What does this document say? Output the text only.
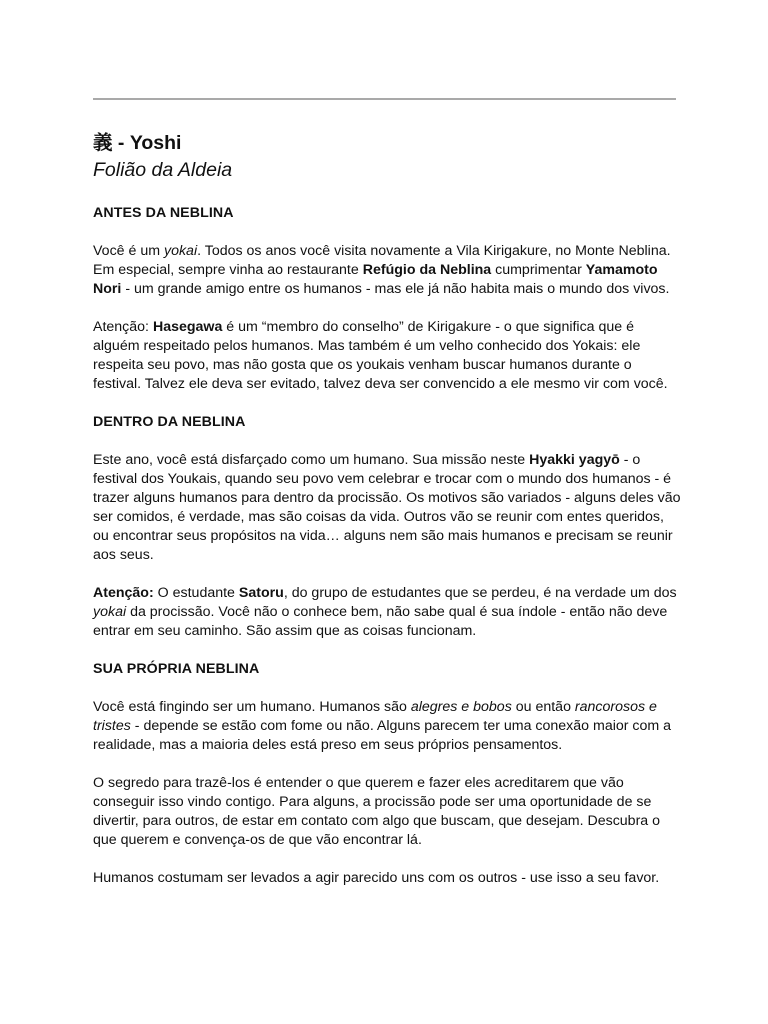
義 - Yoshi
Folião da Aldeia
ANTES DA NEBLINA

Você é um yokai. Todos os anos você visita novamente a Vila Kirigakure, no Monte Neblina. Em especial, sempre vinha ao restaurante Refúgio da Neblina cumprimentar Yamamoto Nori - um grande amigo entre os humanos - mas ele já não habita mais o mundo dos vivos.

Atenção: Hasegawa é um “membro do conselho” de Kirigakure - o que significa que é alguém respeitado pelos humanos. Mas também é um velho conhecido dos Yokais: ele respeita seu povo, mas não gosta que os youkais venham buscar humanos durante o festival. Talvez ele deva ser evitado, talvez deva ser convencido a ele mesmo vir com você.

DENTRO DA NEBLINA

Este ano, você está disfarçado como um humano. Sua missão neste Hyakki yagyō - o festival dos Youkais, quando seu povo vem celebrar e trocar com o mundo dos humanos - é trazer alguns humanos para dentro da procissão. Os motivos são variados - alguns deles vão ser comidos, é verdade, mas são coisas da vida. Outros vão se reunir com entes queridos, ou encontrar seus propósitos na vida… alguns nem são mais humanos e precisam se reunir aos seus.

Atenção: O estudante Satoru, do grupo de estudantes que se perdeu, é na verdade um dos yokai da procissão. Você não o conhece bem, não sabe qual é sua índole - então não deve entrar em seu caminho. São assim que as coisas funcionam.

SUA PRÓPRIA NEBLINA

Você está fingindo ser um humano. Humanos são alegres e bobos ou então rancorosos e tristes - depende se estão com fome ou não. Alguns parecem ter uma conexão maior com a realidade, mas a maioria deles está preso em seus próprios pensamentos.

O segredo para trazê-los é entender o que querem e fazer eles acreditarem que vão conseguir isso vindo contigo. Para alguns, a procissão pode ser uma oportunidade de se divertir, para outros, de estar em contato com algo que buscam, que desejam. Descubra o que querem e convença-os de que vão encontrar lá.

Humanos costumam ser levados a agir parecido uns com os outros - use isso a seu favor.
